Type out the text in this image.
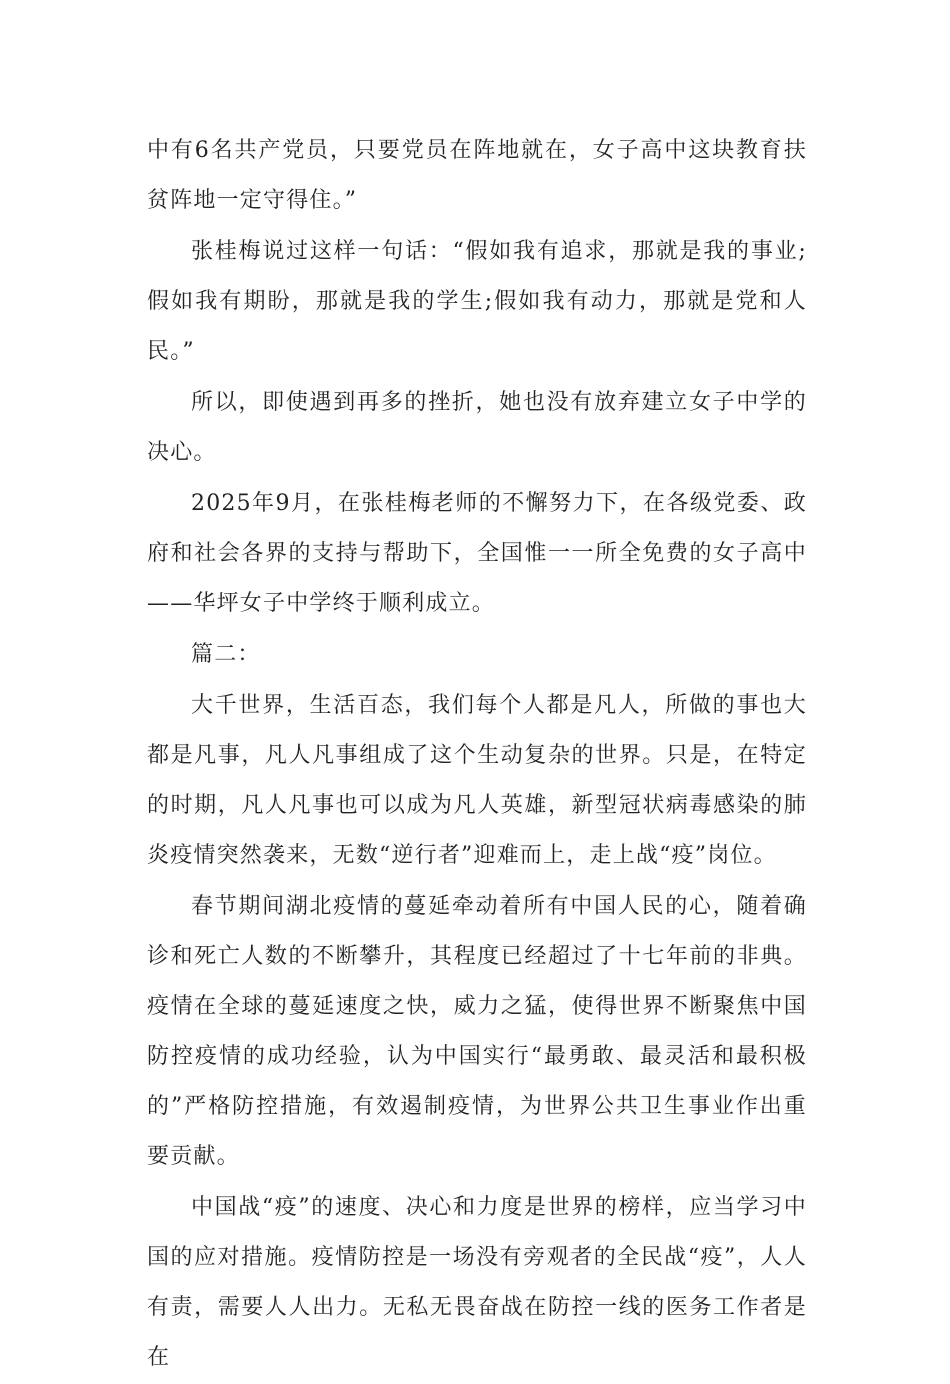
中有6名共产党员，只要党员在阵地就在，女子高中这块教育扶贫阵地一定守得住。”

张桂梅说过这样一句话：“假如我有追求，那就是我的事业;假如我有期盼，那就是我的学生;假如我有动力，那就是党和人民。”

所以，即使遇到再多的挫折，她也没有放弃建立女子中学的决心。

2025年9月，在张桂梅老师的不懈努力下，在各级党委、政府和社会各界的支持与帮助下，全国惟一一所全免费的女子高中——华坪女子中学终于顺利成立。

篇二：

大千世界，生活百态，我们每个人都是凡人，所做的事也大都是凡事，凡人凡事组成了这个生动复杂的世界。只是，在特定的时期，凡人凡事也可以成为凡人英雄，新型冠状病毒感染的肺炎疫情突然袭来，无数“逆行者”迎难而上，走上战“疫”岗位。

春节期间湖北疫情的蔓延牵动着所有中国人民的心，随着确诊和死亡人数的不断攀升，其程度已经超过了十七年前的非典。疫情在全球的蔓延速度之快，威力之猛，使得世界不断聚焦中国防控疫情的成功经验，认为中国实行“最勇敢、最灵活和最积极的”严格防控措施，有效遏制疫情，为世界公共卫生事业作出重要贡献。

中国战“疫”的速度、决心和力度是世界的榜样，应当学习中国的应对措施。疫情防控是一场没有旁观者的全民战“疫”，人人有责，需要人人出力。无私无畏奋战在防控一线的医务工作者是在
